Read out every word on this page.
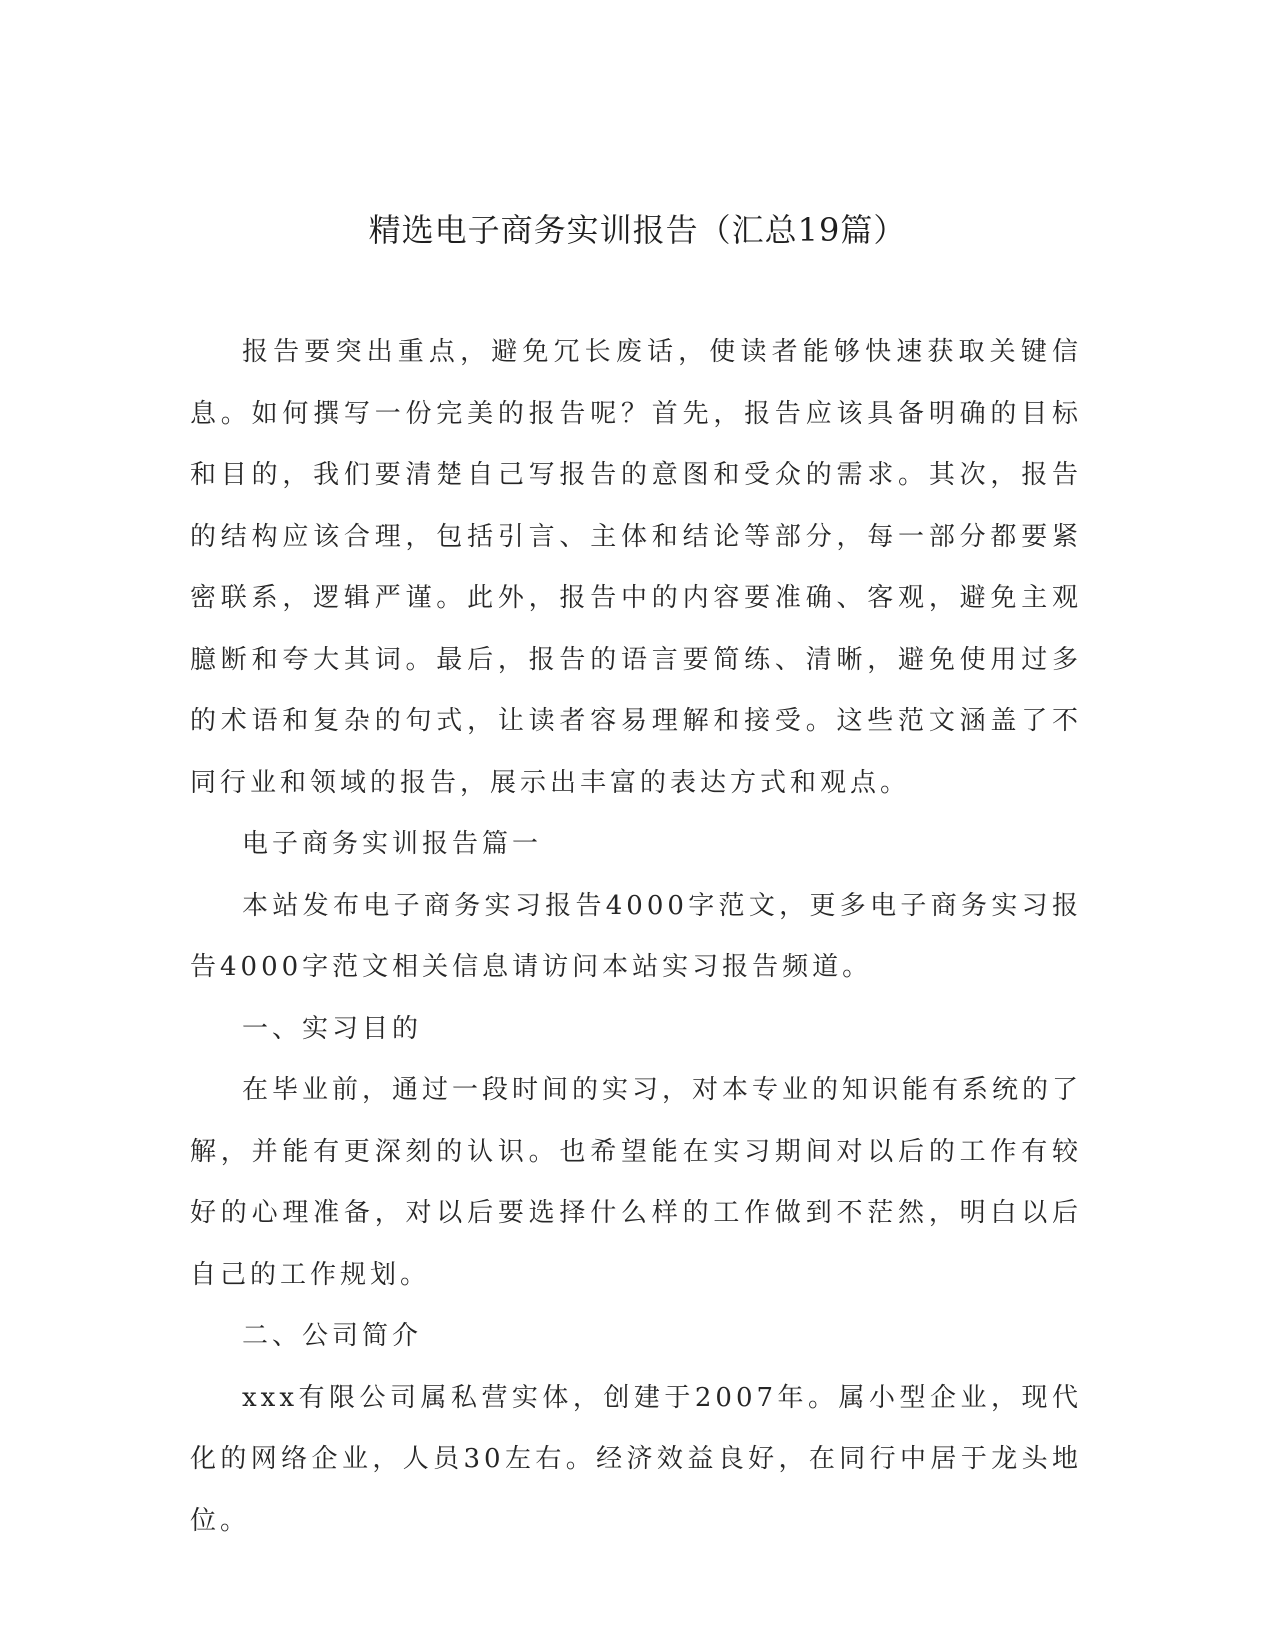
精选电子商务实训报告（汇总19篇）

报告要突出重点，避免冗长废话，使读者能够快速获取关键信息。如何撰写一份完美的报告呢？首先，报告应该具备明确的目标和目的，我们要清楚自己写报告的意图和受众的需求。其次，报告的结构应该合理，包括引言、主体和结论等部分，每一部分都要紧密联系，逻辑严谨。此外，报告中的内容要准确、客观，避免主观臆断和夸大其词。最后，报告的语言要简练、清晰，避免使用过多的术语和复杂的句式，让读者容易理解和接受。这些范文涵盖了不同行业和领域的报告，展示出丰富的表达方式和观点。

电子商务实训报告篇一

本站发布电子商务实习报告4000字范文，更多电子商务实习报告4000字范文相关信息请访问本站实习报告频道。

一、实习目的

在毕业前，通过一段时间的实习，对本专业的知识能有系统的了解，并能有更深刻的认识。也希望能在实习期间对以后的工作有较好的心理准备，对以后要选择什么样的工作做到不茫然，明白以后自己的工作规划。

二、公司简介

xxx有限公司属私营实体，创建于2007年。属小型企业，现代化的网络企业，人员30左右。经济效益良好，在同行中居于龙头地位。
